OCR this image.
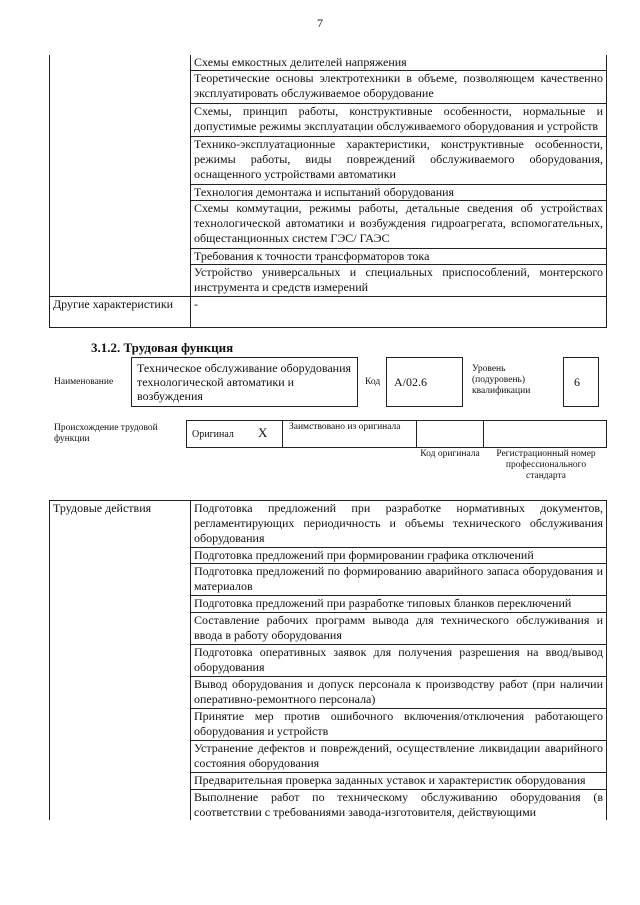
7
	Схемы емкостных делителей напряжения
	Теоретические основы электротехники в объеме, позволяющем качественно эксплуатировать обслуживаемое оборудование
	Схемы, принцип работы, конструктивные особенности, нормальные и допустимые режимы эксплуатации обслуживаемого оборудования и устройств
	Технико-эксплуатационные характеристики, конструктивные особенности, режимы работы, виды повреждений обслуживаемого оборудования, оснащенного устройствами автоматики
	Технология демонтажа и испытаний оборудования
	Схемы коммутации, режимы работы, детальные сведения об устройствах технологической автоматики и возбуждения гидроагрегата, вспомогательных, общестанционных систем ГЭС/ ГАЭС
	Требования к точности трансформаторов тока
	Устройство универсальных и специальных приспособлений, монтерского инструмента и средств измерений
Другие характеристики	-
3.1.2. Трудовая функция
Наименование
Техническое обслуживание оборудования технологической автоматики и возбуждения
Код А/02.6
Уровень (подуровень) квалификации
6
Происхождение трудовой функции	Оригинал X Заимствовано из оригинала
Код оригинала	Регистрационный номер профессионального стандарта
Трудовые действия	Подготовка предложений при разработке нормативных документов, регламентирующих периодичность и объемы технического обслуживания оборудования
Подготовка предложений при формировании графика отключений
Подготовка предложений по формированию аварийного запаса оборудования и материалов
Подготовка предложений при разработке типовых бланков переключений
Составление рабочих программ вывода для технического обслуживания и ввода в работу оборудования
Подготовка оперативных заявок для получения разрешения на ввод/вывод оборудования
Вывод оборудования и допуск персонала к производству работ (при наличии оперативно-ремонтного персонала)
Принятие мер против ошибочного включения/отключения работающего оборудования и устройств
Устранение дефектов и повреждений, осуществление ликвидации аварийного состояния оборудования
Предварительная проверка заданных уставок и характеристик оборудования
Выполнение работ по техническому обслуживанию оборудования (в соответствии с требованиями завода-изготовителя, действующими
